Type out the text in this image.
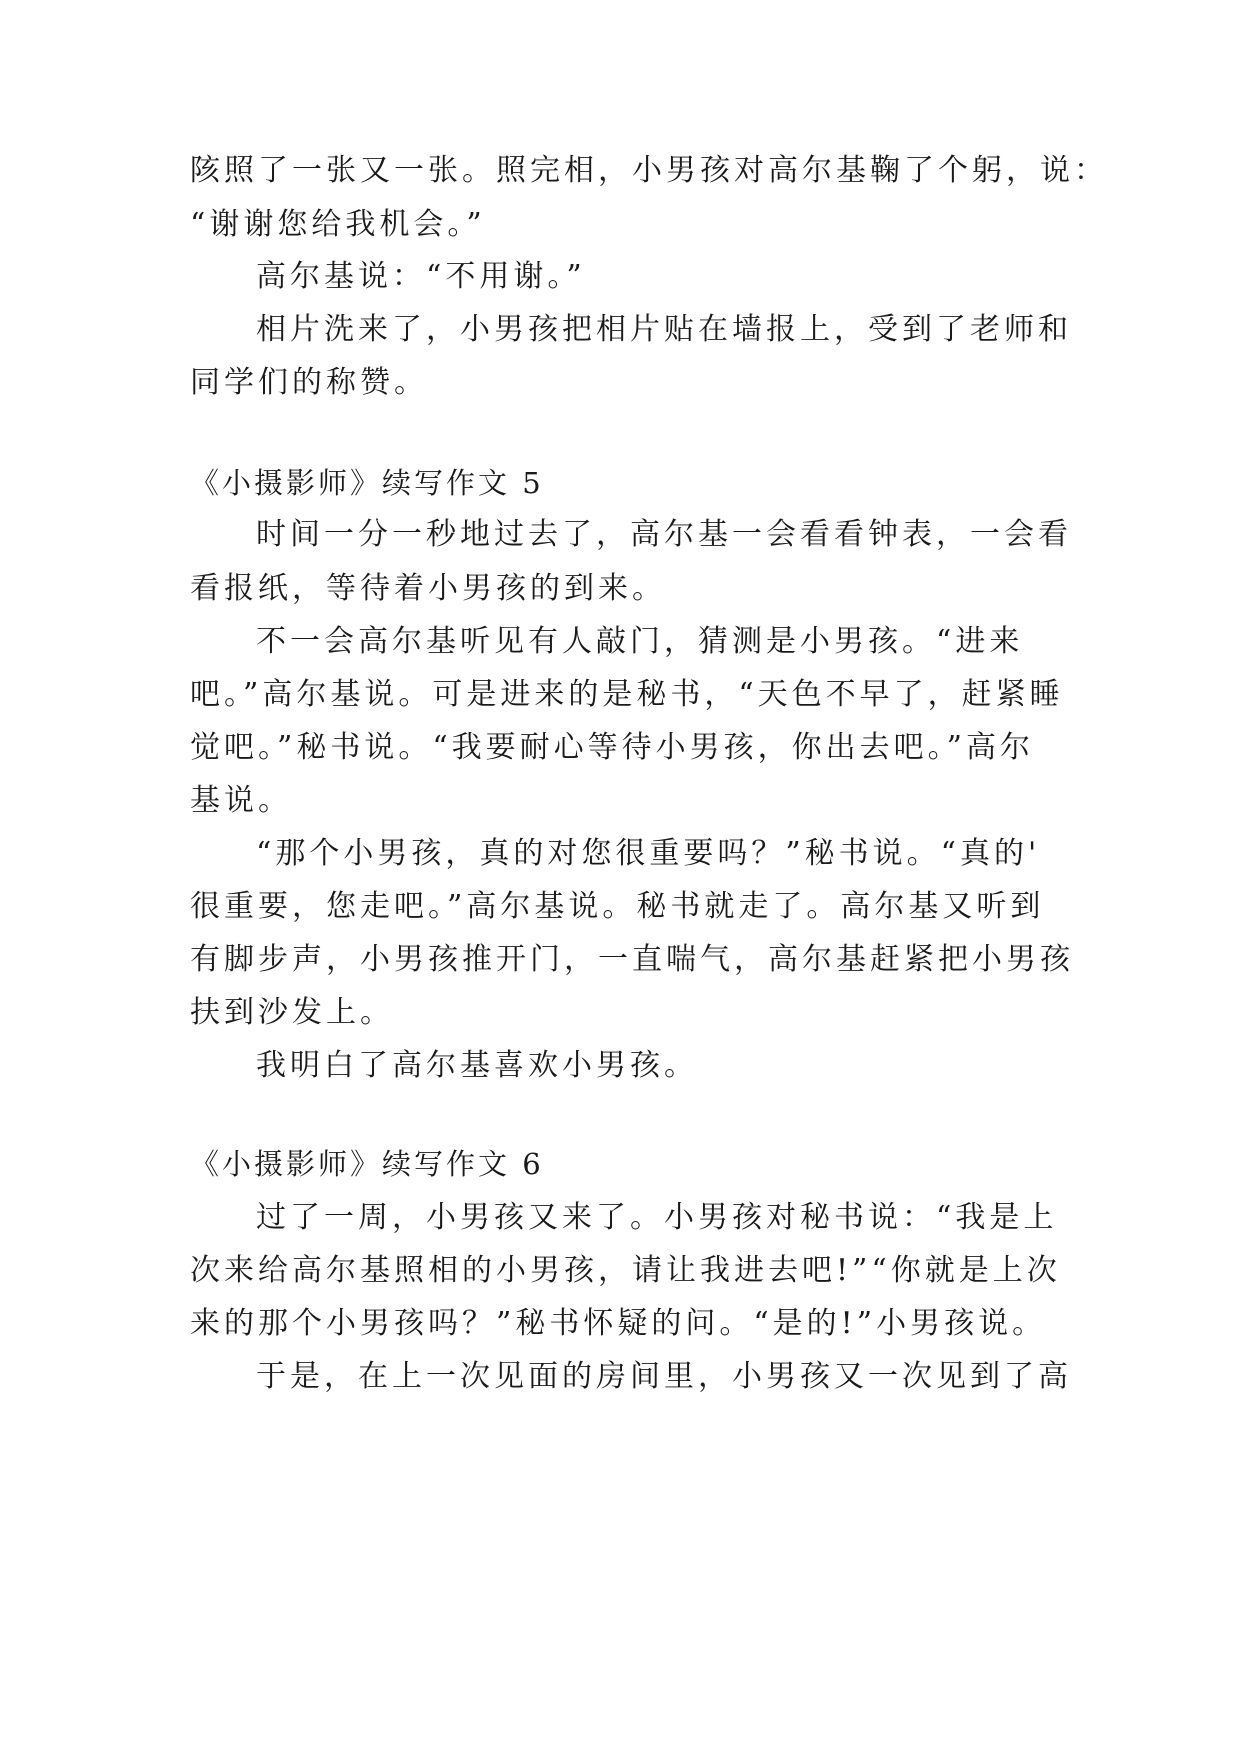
陔照了一张又一张。照完相，小男孩对高尔基鞠了个躬，说：
“谢谢您给我机会。”
高尔基说：“不用谢。”
相片洗来了，小男孩把相片贴在墙报上，受到了老师和
同学们的称赞。
《小摄影师》续写作文 5
时间一分一秒地过去了，高尔基一会看看钟表，一会看
看报纸，等待着小男孩的到来。
不一会高尔基听见有人敲门，猜测是小男孩。“进来
吧。”高尔基说。可是进来的是秘书，“天色不早了，赶紧睡
觉吧。”秘书说。“我要耐心等待小男孩，你出去吧。”高尔
基说。
“那个小男孩，真的对您很重要吗？”秘书说。“真的'
很重要，您走吧。”高尔基说。秘书就走了。高尔基又听到
有脚步声，小男孩推开门，一直喘气，高尔基赶紧把小男孩
扶到沙发上。
我明白了高尔基喜欢小男孩。
《小摄影师》续写作文 6
过了一周，小男孩又来了。小男孩对秘书说：“我是上
次来给高尔基照相的小男孩，请让我进去吧!”“你就是上次
来的那个小男孩吗？”秘书怀疑的问。“是的!”小男孩说。
于是，在上一次见面的房间里，小男孩又一次见到了高
